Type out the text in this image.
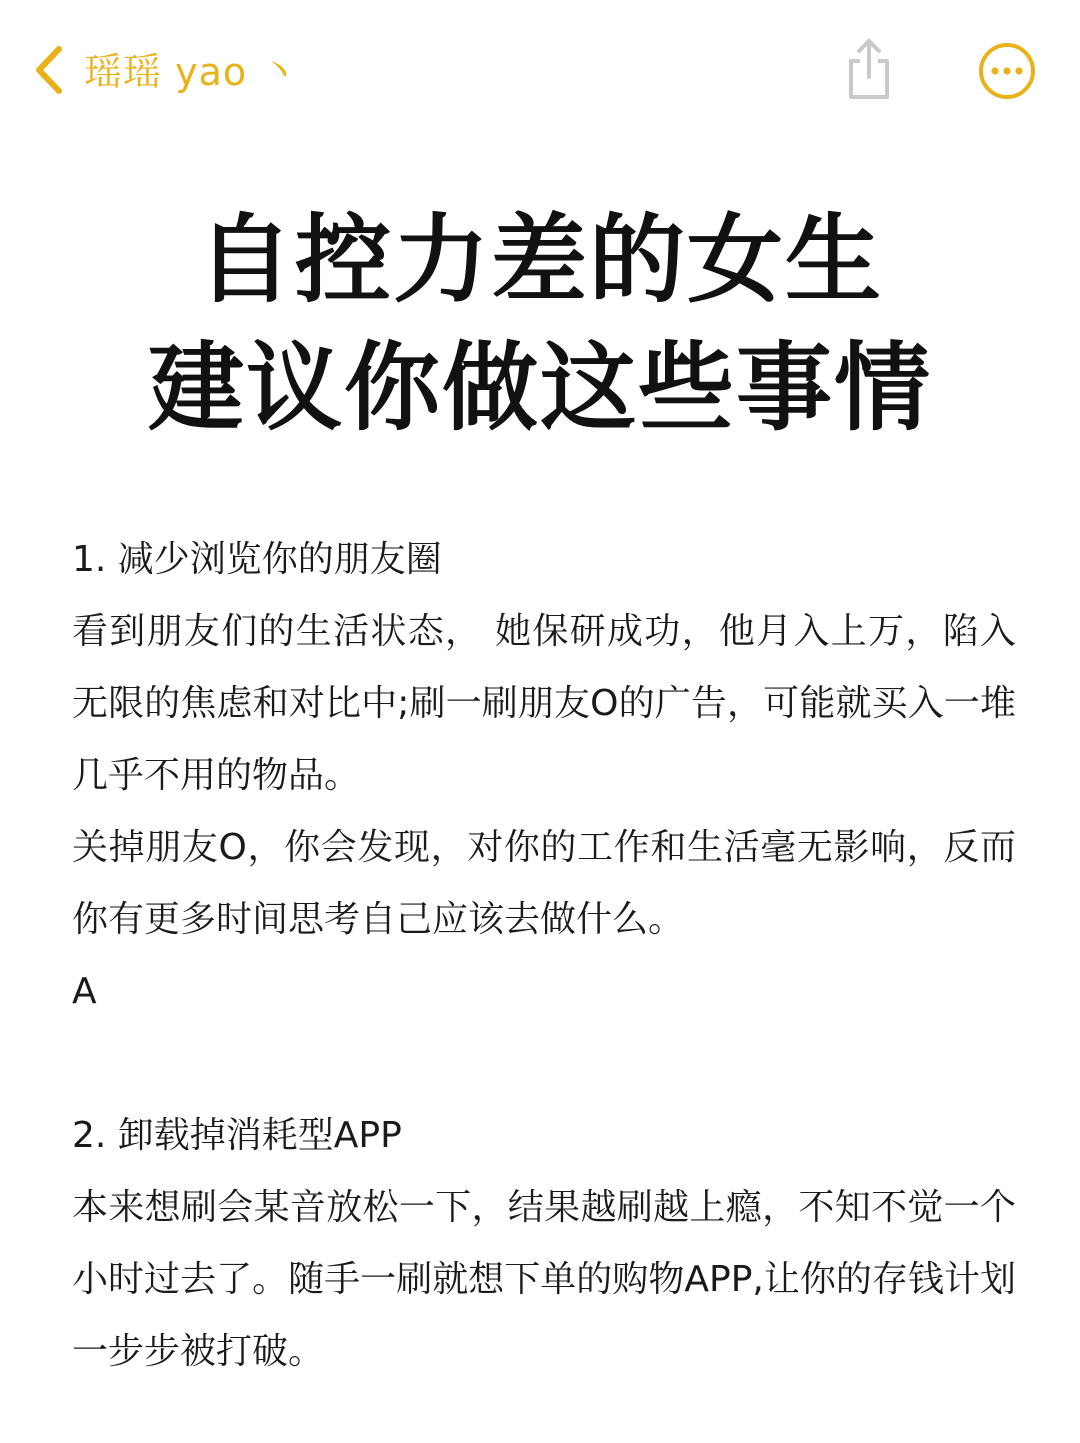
瑶瑶 yao 丶
自控力差的女生
建议你做这些事情

1. 减少浏览你的朋友圈

看到朋友们的生活状态， 她保研成功，他月入上万，陷入无限的焦虑和对比中;刷一刷朋友O的广告，可能就买入一堆几乎不用的物品。

关掉朋友O，你会发现，对你的工作和生活毫无影响，反而你有更多时间思考自己应该去做什么。

A

2. 卸载掉消耗型APP

本来想刷会某音放松一下，结果越刷越上瘾，不知不觉一个小时过去了。随手一刷就想下单的购物APP,让你的存钱计划一步步被打破。
